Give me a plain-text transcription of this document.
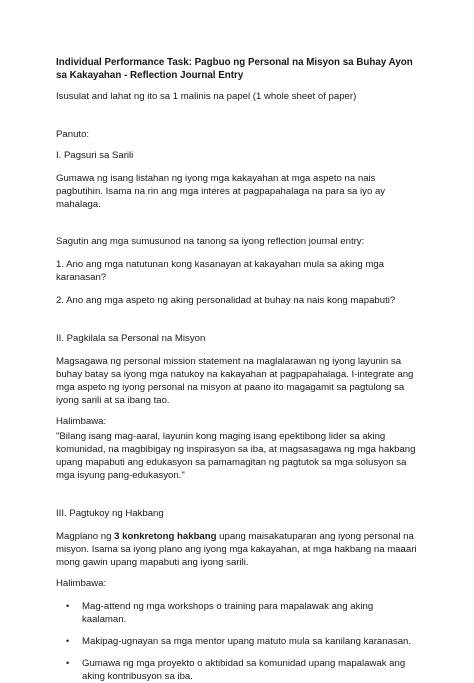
Individual Performance Task: Pagbuo ng Personal na Misyon sa Buhay Ayon sa Kakayahan - Reflection Journal Entry

Isusulat and lahat ng ito sa 1 malinis na papel (1 whole sheet of paper)

Panuto:

I. Pagsuri sa Sarili

Gumawa ng isang listahan ng iyong mga kakayahan at mga aspeto na nais pagbutihin. Isama na rin ang mga interes at pagpapahalaga na para sa iyo ay mahalaga.

Sagutin ang mga sumusunod na tanong sa iyong reflection journal entry:

1. Ano ang mga natutunan kong kasanayan at kakayahan mula sa aking mga karanasan?

2. Ano ang mga aspeto ng aking personalidad at buhay na nais kong mapabuti?

II. Pagkilala sa Personal na Misyon

Magsagawa ng personal mission statement na maglalarawan ng iyong layunin sa buhay batay sa iyong mga natukoy na kakayahan at pagpapahalaga. I-integrate ang mga aspeto ng iyong personal na misyon at paano ito magagamit sa pagtulong sa iyong sarili at sa ibang tao.

Halimbawa:

"Bilang isang mag-aaral, layunin kong maging isang epektibong lider sa aking komunidad, na magbibigay ng inspirasyon sa iba, at magsasagawa ng mga hakbang upang mapabuti ang edukasyon sa pamamagitan ng pagtutok sa mga solusyon sa mga isyung pang-edukasyon."

III. Pagtukoy ng Hakbang

Magplano ng 3 konkretong hakbang upang maisakatuparan ang iyong personal na misyon. Isama sa iyong plano ang iyong mga kakayahan, at mga hakbang na maaari mong gawin upang mapabuti ang iyong sarili.

Halimbawa:

• Mag-attend ng mga workshops o training para mapalawak ang aking kaalaman.
• Makipag-ugnayan sa mga mentor upang matuto mula sa kanilang karanasan.
• Gumawa ng mga proyekto o aktibidad sa komunidad upang mapalawak ang aking kontribusyon sa iba.
